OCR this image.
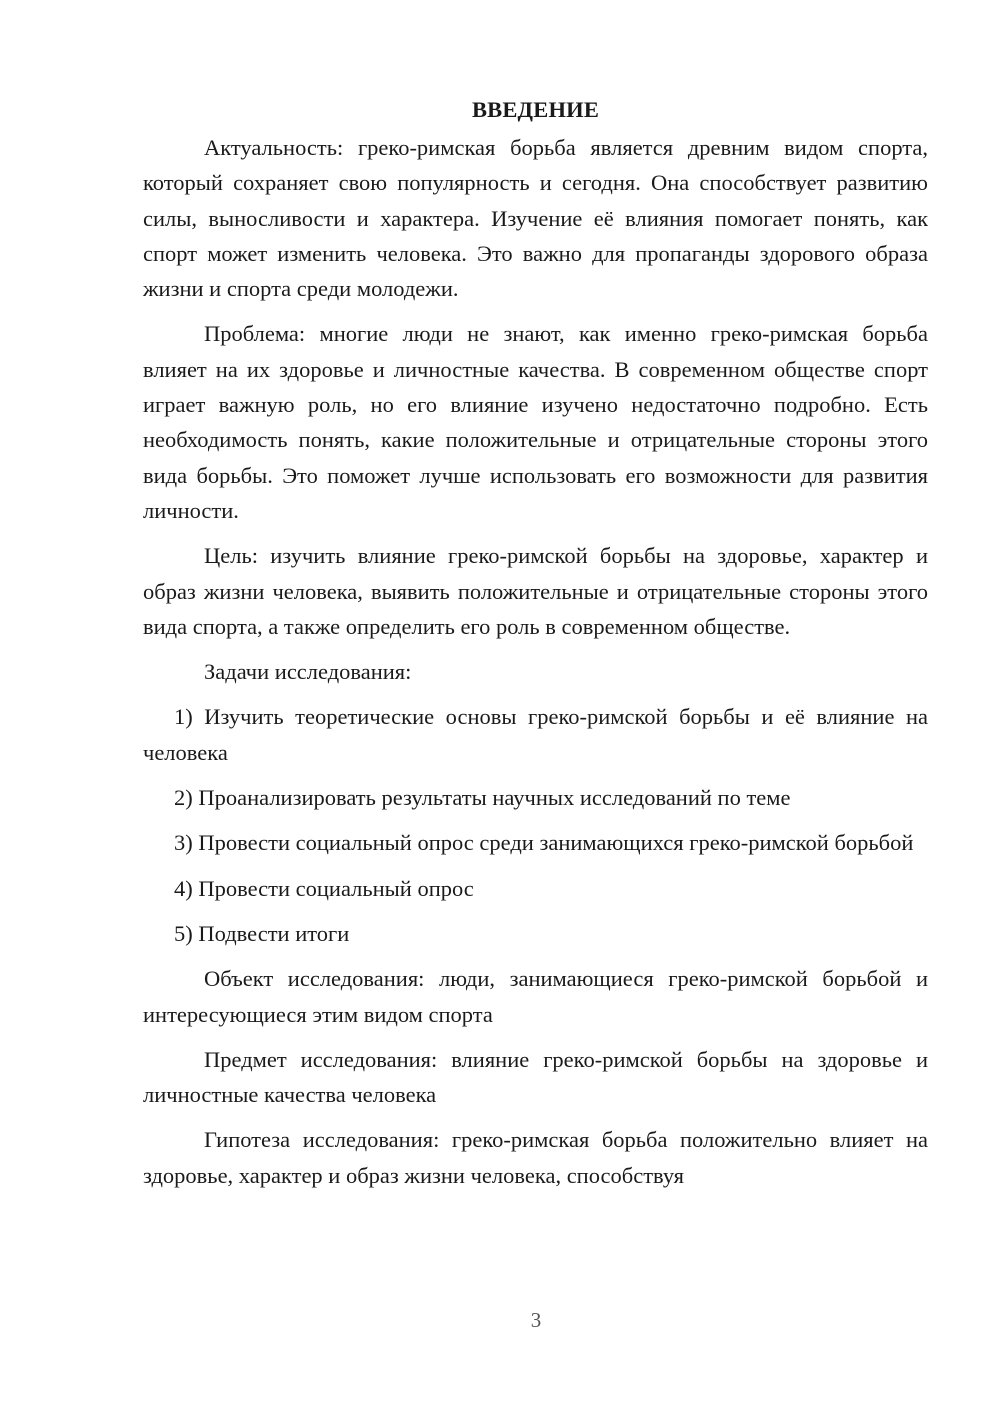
ВВЕДЕНИЕ

Актуальность: греко-римская борьба является древним видом спорта, который сохраняет свою популярность и сегодня. Она способствует развитию силы, выносливости и характера. Изучение её влияния помогает понять, как спорт может изменить человека. Это важно для пропаганды здорового образа жизни и спорта среди молодежи.

Проблема: многие люди не знают, как именно греко-римская борьба влияет на их здоровье и личностные качества. В современном обществе спорт играет важную роль, но его влияние изучено недостаточно подробно. Есть необходимость понять, какие положительные и отрицательные стороны этого вида борьбы. Это поможет лучше использовать его возможности для развития личности.

Цель: изучить влияние греко-римской борьбы на здоровье, характер и образ жизни человека, выявить положительные и отрицательные стороны этого вида спорта, а также определить его роль в современном обществе.

Задачи исследования:

1) Изучить теоретические основы греко-римской борьбы и её влияние на человека

2) Проанализировать результаты научных исследований по теме

3) Провести социальный опрос среди занимающихся греко-римской борьбой

4) Провести социальный опрос

5) Подвести итоги

Объект исследования: люди, занимающиеся греко-римской борьбой и интересующиеся этим видом спорта

Предмет исследования: влияние греко-римской борьбы на здоровье и личностные качества человека

Гипотеза исследования: греко-римская борьба положительно влияет на здоровье, характер и образ жизни человека, способствуя

3
